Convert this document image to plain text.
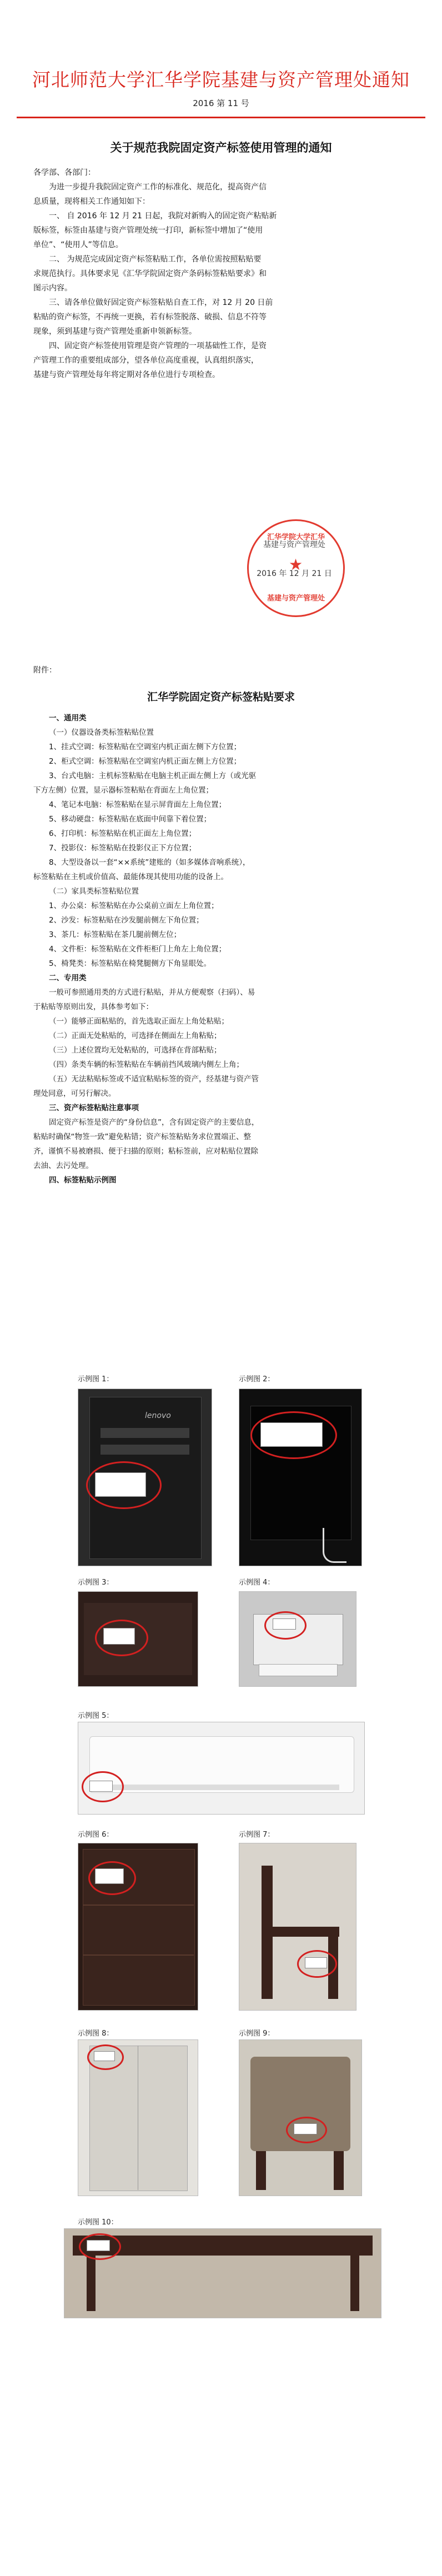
河北师范大学汇华学院基建与资产管理处通知
2016 第 11 号
关于规范我院固定资产标签使用管理的通知
各学部、各部门：
为进一步提升我院固定资产工作的标准化、规范化，提高资产信
息质量，现将相关工作通知如下：
一、 自 2016 年 12 月 21 日起，我院对新购入的固定资产粘贴新
版标签，标签由基建与资产管理处统一打印，新标签中增加了“使用
单位”、“使用人”等信息。
二、 为规范完成固定资产标签粘贴工作，各单位需按照粘贴要
求规范执行。具体要求见《汇华学院固定资产条码标签粘贴要求》和
图示内容。
三、请各单位做好固定资产标签粘贴自查工作，对 12 月 20 日前
粘贴的资产标签，不再统一更换，若有标签脱落、破损、信息不符等
现象，须到基建与资产管理处重新申领新标签。
四、固定资产标签使用管理是资产管理的一项基础性工作，是资
产管理工作的重要组成部分，望各单位高度重视，认真组织落实，
基建与资产管理处每年将定期对各单位进行专项检查。
汇华学院大学汇华
★
基建与资产管理处
基建与资产管理处
2016 年 12 月 21 日
附件：
汇华学院固定资产标签粘贴要求
一、通用类
（一）仪器设备类标签粘贴位置
1、挂式空调：标签粘贴在空调室内机正面左侧下方位置；
2、柜式空调：标签粘贴在空调室内机正面左侧上方位置；
3、台式电脑：主机标签粘贴在电脑主机正面左侧上方（或光驱
下方左侧）位置，显示器标签粘贴在背面左上角位置；
4、笔记本电脑：标签粘贴在显示屏背面左上角位置；
5、移动硬盘：标签粘贴在底面中间靠下着位置；
6、打印机：标签粘贴在机正面左上角位置；
7、投影仪：标签粘贴在投影仪正下方位置；
8、大型设备以一套“××系统”建账的（如多媒体音响系统），
标签粘贴在主机或价值高、最能体现其使用功能的设备上。
（二）家具类标签粘贴位置
1、办公桌：标签粘贴在办公桌前立面左上角位置；
2、沙发：标签粘贴在沙发腿前侧左下角位置；
3、茶几：标签粘贴在茶几腿前侧左位；
4、文件柜：标签粘贴在文件柜柜门上角左上角位置；
5、椅凳类：标签粘贴在椅凳腿侧方下角显眼处。
二、专用类
一般可参照通用类的方式进行粘贴，并从方便观察（扫码）、易
于粘贴等原则出发，具体参考如下：
（一）能够正面粘贴的，首先选取正面左上角处粘贴；
（二）正面无处粘贴的，可选择在侧面左上角粘贴；
（三）上述位置均无处粘贴的，可选择在背部粘贴；
（四）条类车辆的标签粘贴在车辆前挡风玻璃内侧左上角；
（五）无法粘贴标签或不适宜粘贴标签的资产，经基建与资产管
理处同意，可另行解决。
三、资产标签粘贴注意事项
固定资产标签是资产的“身份信息”，含有固定资产的主要信息，
粘贴时确保“物签一致”避免粘错；资产标签粘贴务求位置端正、整
齐，谨慎不易被磨损、便于扫描的原则；粘标签前，应对粘贴位置除
去油、去污处理。
四、标签粘贴示例图
示例图 1：
lenovo
示例图 2：
示例图 3：	示例图 4：
示例图 5：
示例图 6：	示例图 7：
示例图 8：	示例图 9：
示例图 10：
